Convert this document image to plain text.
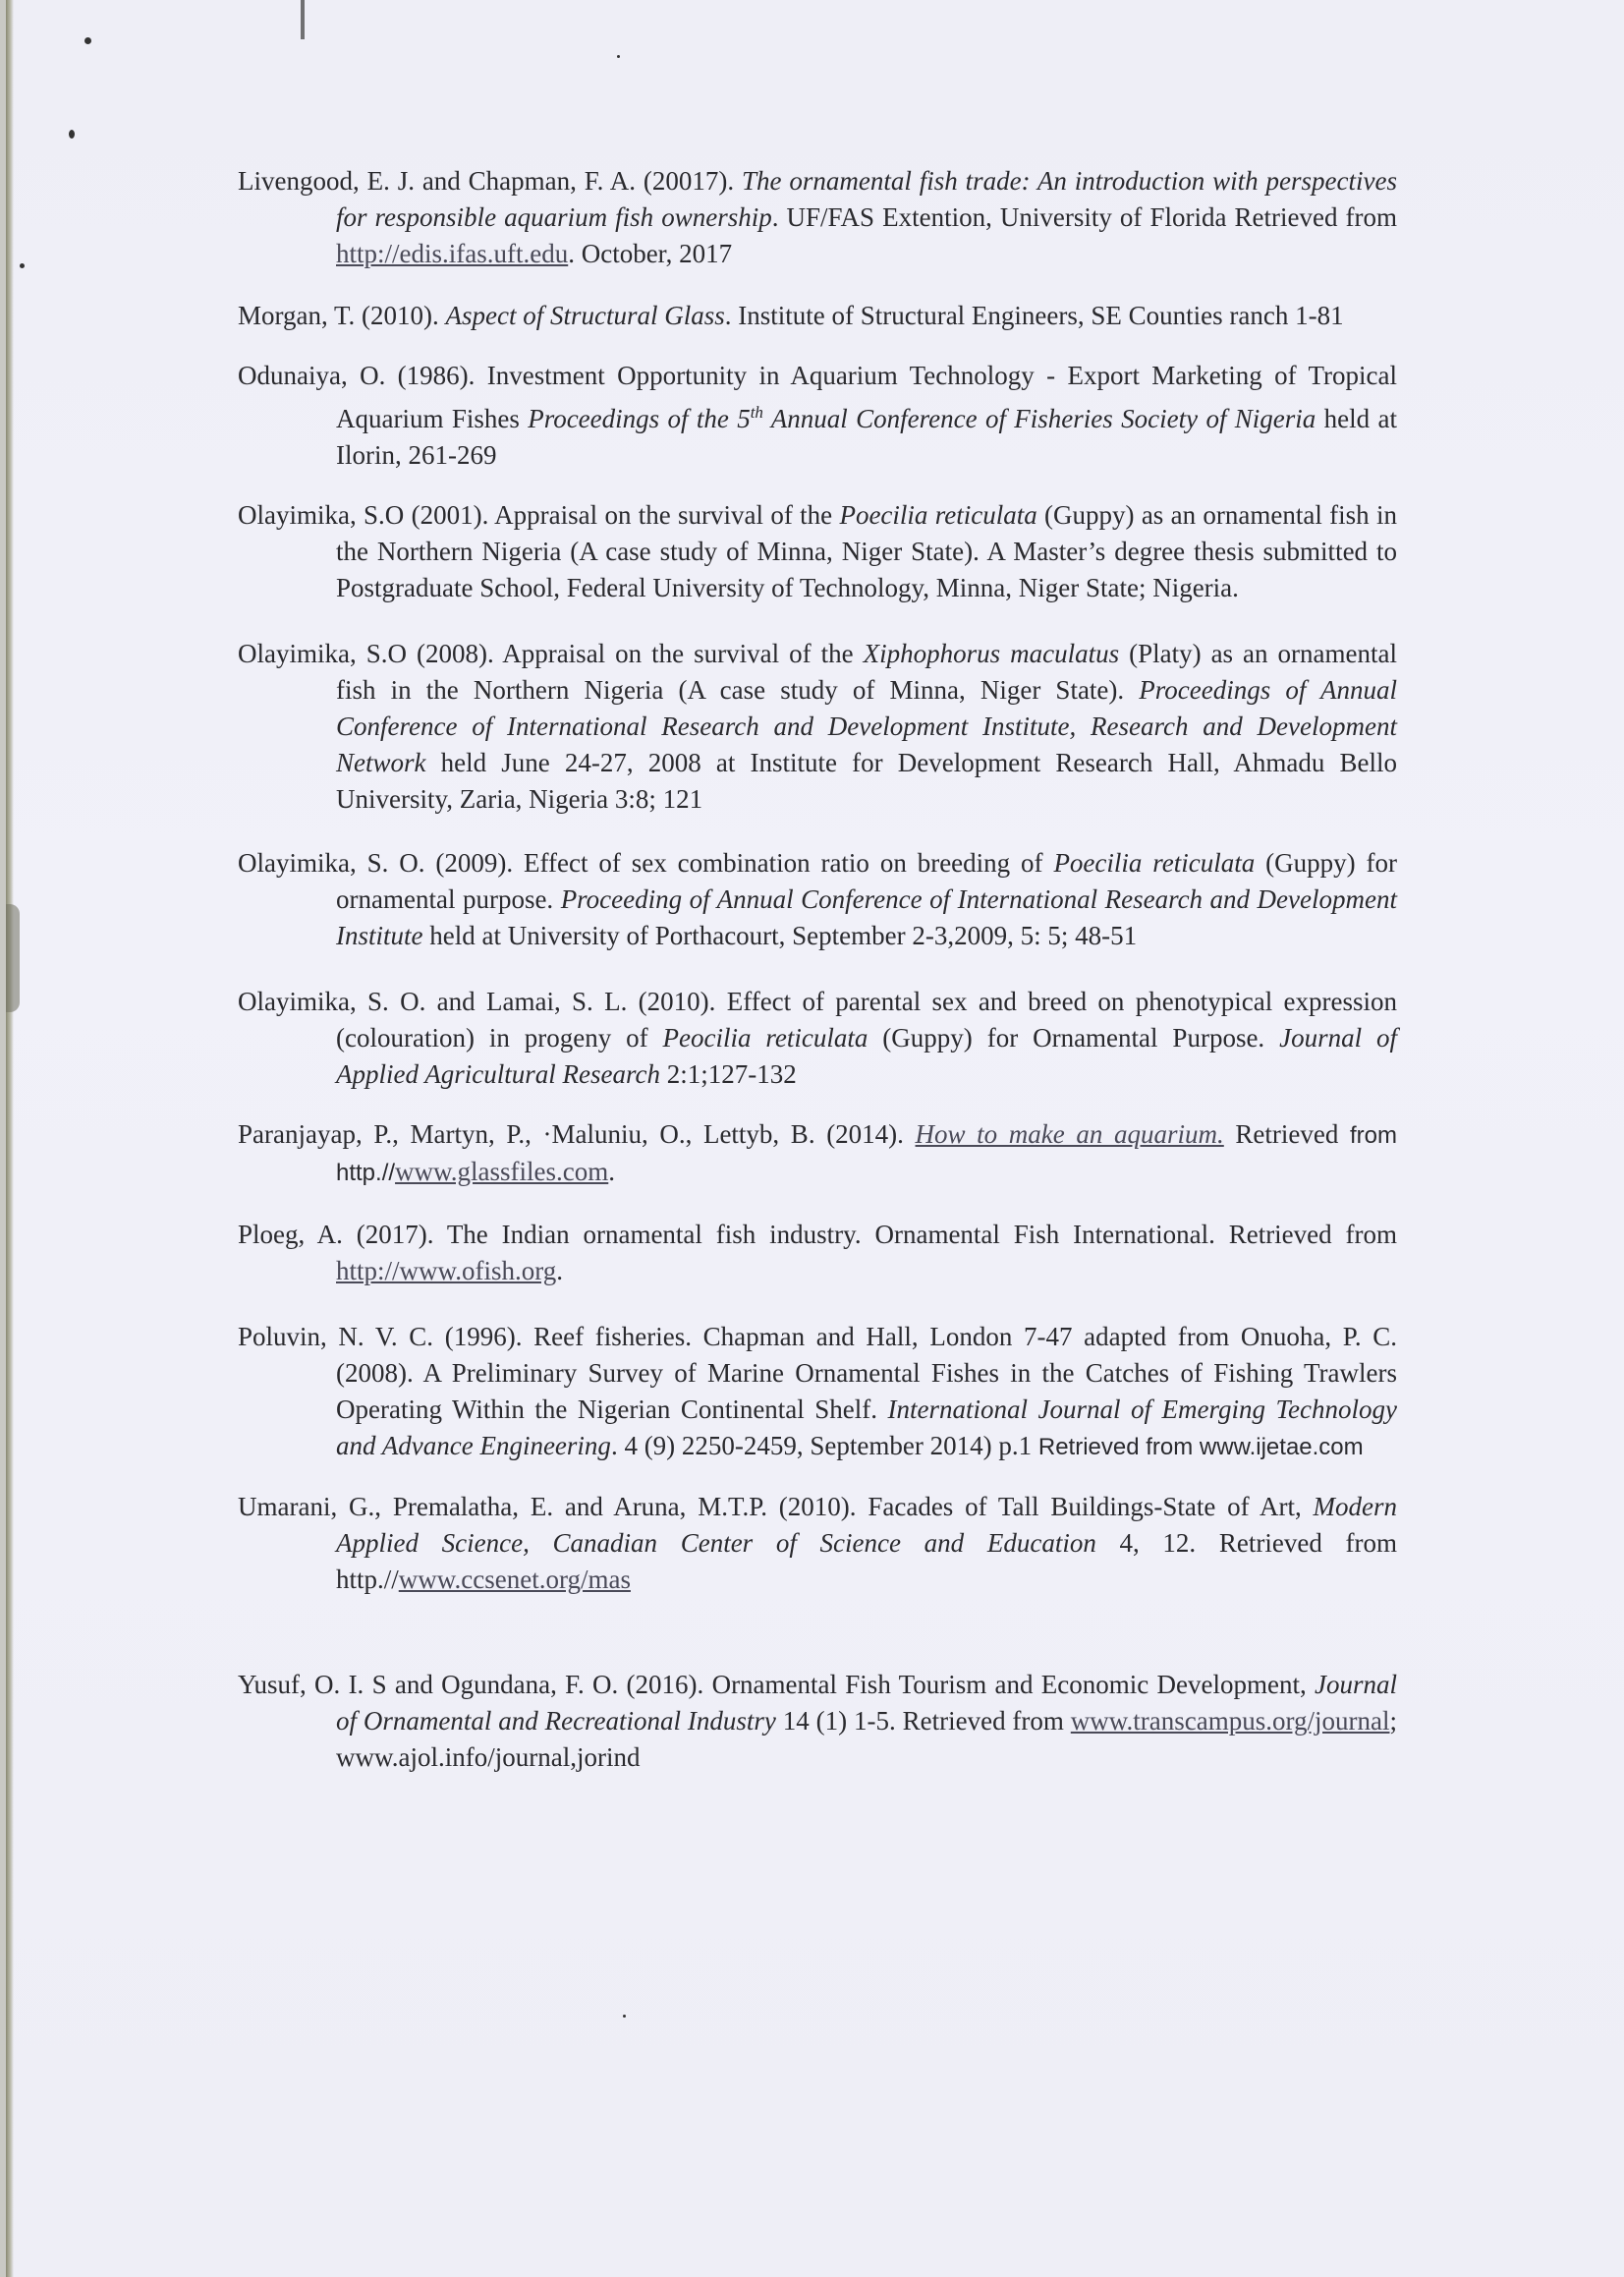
Livengood, E. J. and Chapman, F. A. (20017). The ornamental fish trade: An introduction with perspectives for responsible aquarium fish ownership. UF/FAS Extention, University of Florida Retrieved from http://edis.ifas.uft.edu. October, 2017

Morgan, T. (2010). Aspect of Structural Glass. Institute of Structural Engineers, SE Counties ranch 1-81

Odunaiya, O. (1986). Investment Opportunity in Aquarium Technology - Export Marketing of Tropical Aquarium Fishes Proceedings of the 5th Annual Conference of Fisheries Society of Nigeria held at Ilorin, 261-269

Olayimika, S.O (2001). Appraisal on the survival of the Poecilia reticulata (Guppy) as an ornamental fish in the Northern Nigeria (A case study of Minna, Niger State). A Master’s degree thesis submitted to Postgraduate School, Federal University of Technology, Minna, Niger State; Nigeria.

Olayimika, S.O (2008). Appraisal on the survival of the Xiphophorus maculatus (Platy) as an ornamental fish in the Northern Nigeria (A case study of Minna, Niger State). Proceedings of Annual Conference of International Research and Development Institute, Research and Development Network held June 24-27, 2008 at Institute for Development Research Hall, Ahmadu Bello University, Zaria, Nigeria 3:8; 121

Olayimika, S. O. (2009). Effect of sex combination ratio on breeding of Poecilia reticulata (Guppy) for ornamental purpose. Proceeding of Annual Conference of International Research and Development Institute held at University of Porthacourt, September 2-3,2009, 5: 5; 48-51

Olayimika, S. O. and Lamai, S. L. (2010). Effect of parental sex and breed on phenotypical expression (colouration) in progeny of Peocilia reticulata (Guppy) for Ornamental Purpose. Journal of Applied Agricultural Research 2:1;127-132

Paranjayap, P., Martyn, P., ·Maluniu, O., Lettyb, B. (2014). How to make an aquarium. Retrieved from http.//www.glassfiles.com.

Ploeg, A. (2017). The Indian ornamental fish industry. Ornamental Fish International. Retrieved from http://www.ofish.org.

Poluvin, N. V. C. (1996). Reef fisheries. Chapman and Hall, London 7-47 adapted from Onuoha, P. C. (2008). A Preliminary Survey of Marine Ornamental Fishes in the Catches of Fishing Trawlers Operating Within the Nigerian Continental Shelf. International Journal of Emerging Technology and Advance Engineering. 4 (9) 2250-2459, September 2014) p.1 Retrieved from www.ijetae.com

Umarani, G., Premalatha, E. and Aruna, M.T.P. (2010). Facades of Tall Buildings-State of Art, Modern Applied Science, Canadian Center of Science and Education 4, 12. Retrieved from http.//www.ccsenet.org/mas

Yusuf, O. I. S and Ogundana, F. O. (2016). Ornamental Fish Tourism and Economic Development, Journal of Ornamental and Recreational Industry 14 (1) 1-5. Retrieved from www.transcampus.org/journal; www.ajol.info/journal,jorind
